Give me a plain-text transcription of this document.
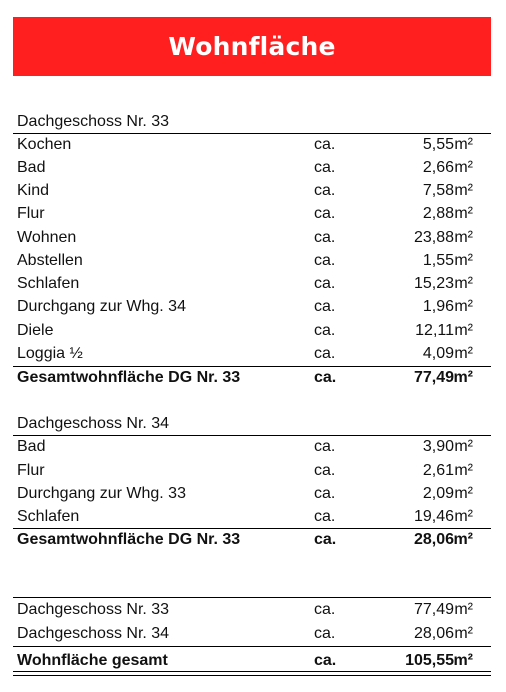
Wohnfläche
Dachgeschoss Nr. 33
Kochen	ca.	5,55 m²
Bad	ca.	2,66 m²
Kind	ca.	7,58 m²
Flur	ca.	2,88 m²
Wohnen	ca.	23,88 m²
Abstellen	ca.	1,55 m²
Schlafen	ca.	15,23 m²
Durchgang zur Whg. 34	ca.	1,96 m²
Diele	ca.	12,11 m²
Loggia ½	ca.	4,09 m²
Gesamtwohnfläche DG Nr. 33	ca.	77,49 m²
Dachgeschoss Nr. 34
Bad	ca.	3,90 m²
Flur	ca.	2,61 m²
Durchgang zur Whg. 33	ca.	2,09 m²
Schlafen	ca.	19,46 m²
Gesamtwohnfläche DG Nr. 33	ca.	28,06 m²
Dachgeschoss Nr. 33	ca.	77,49 m²
Dachgeschoss Nr. 34	ca.	28,06 m²
Wohnfläche gesamt	ca.	105,55 m²
